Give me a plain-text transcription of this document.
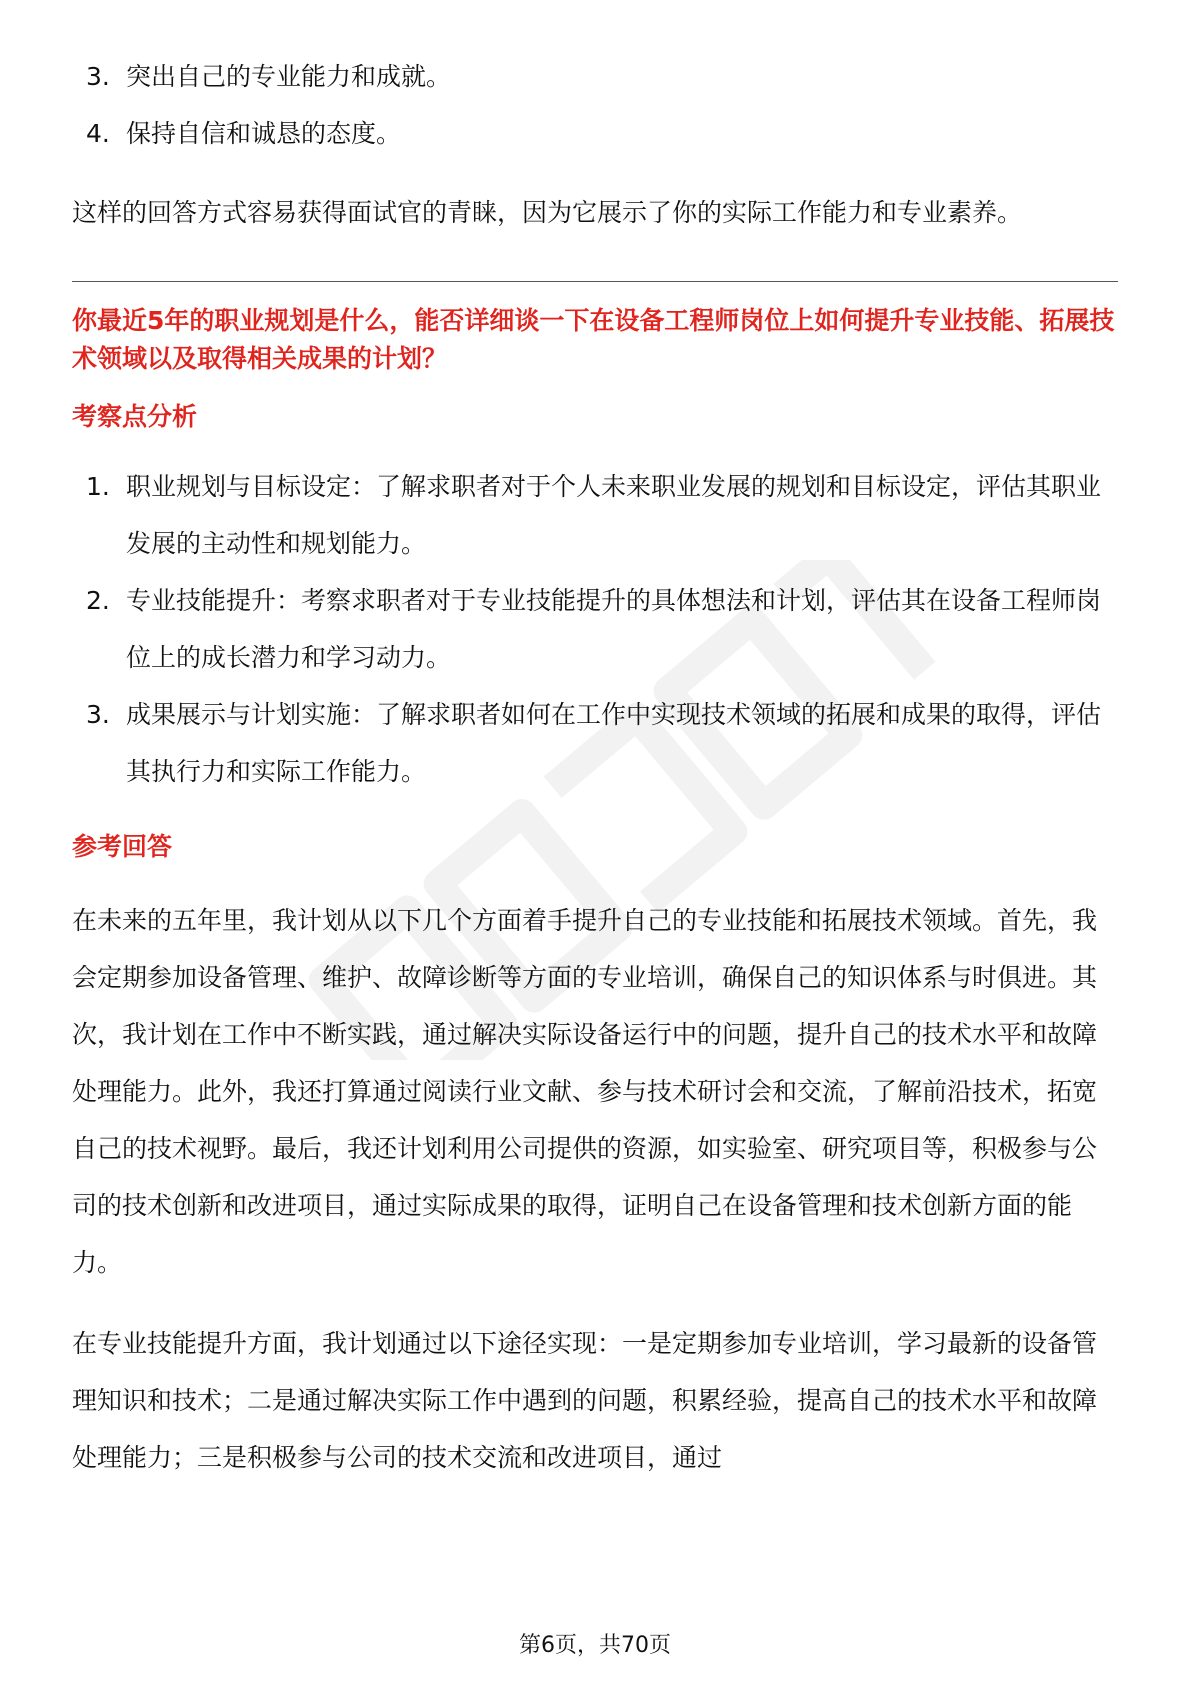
3. 突出自己的专业能力和成就。
4. 保持自信和诚恳的态度。

这样的回答方式容易获得面试官的青睐，因为它展示了你的实际工作能力和专业素养。

你最近5年的职业规划是什么，能否详细谈一下在设备工程师岗位上如何提升专业技能、拓展技术领域以及取得相关成果的计划？

考察点分析
1. 职业规划与目标设定：了解求职者对于个人未来职业发展的规划和目标设定，评估其职业发展的主动性和规划能力。
2. 专业技能提升：考察求职者对于专业技能提升的具体想法和计划，评估其在设备工程师岗位上的成长潜力和学习动力。
3. 成果展示与计划实施：了解求职者如何在工作中实现技术领域的拓展和成果的取得，评估其执行力和实际工作能力。
参考回答

在未来的五年里，我计划从以下几个方面着手提升自己的专业技能和拓展技术领域。首先，我会定期参加设备管理、维护、故障诊断等方面的专业培训，确保自己的知识体系与时俱进。其次，我计划在工作中不断实践，通过解决实际设备运行中的问题，提升自己的技术水平和故障处理能力。此外，我还打算通过阅读行业文献、参与技术研讨会和交流，了解前沿技术，拓宽自己的技术视野。最后，我还计划利用公司提供的资源，如实验室、研究项目等，积极参与公司的技术创新和改进项目，通过实际成果的取得，证明自己在设备管理和技术创新方面的能力。

在专业技能提升方面，我计划通过以下途径实现：一是定期参加专业培训，学习最新的设备管理知识和技术；二是通过解决实际工作中遇到的问题，积累经验，提高自己的技术水平和故障处理能力；三是积极参与公司的技术交流和改进项目，通过

第6页，共70页
